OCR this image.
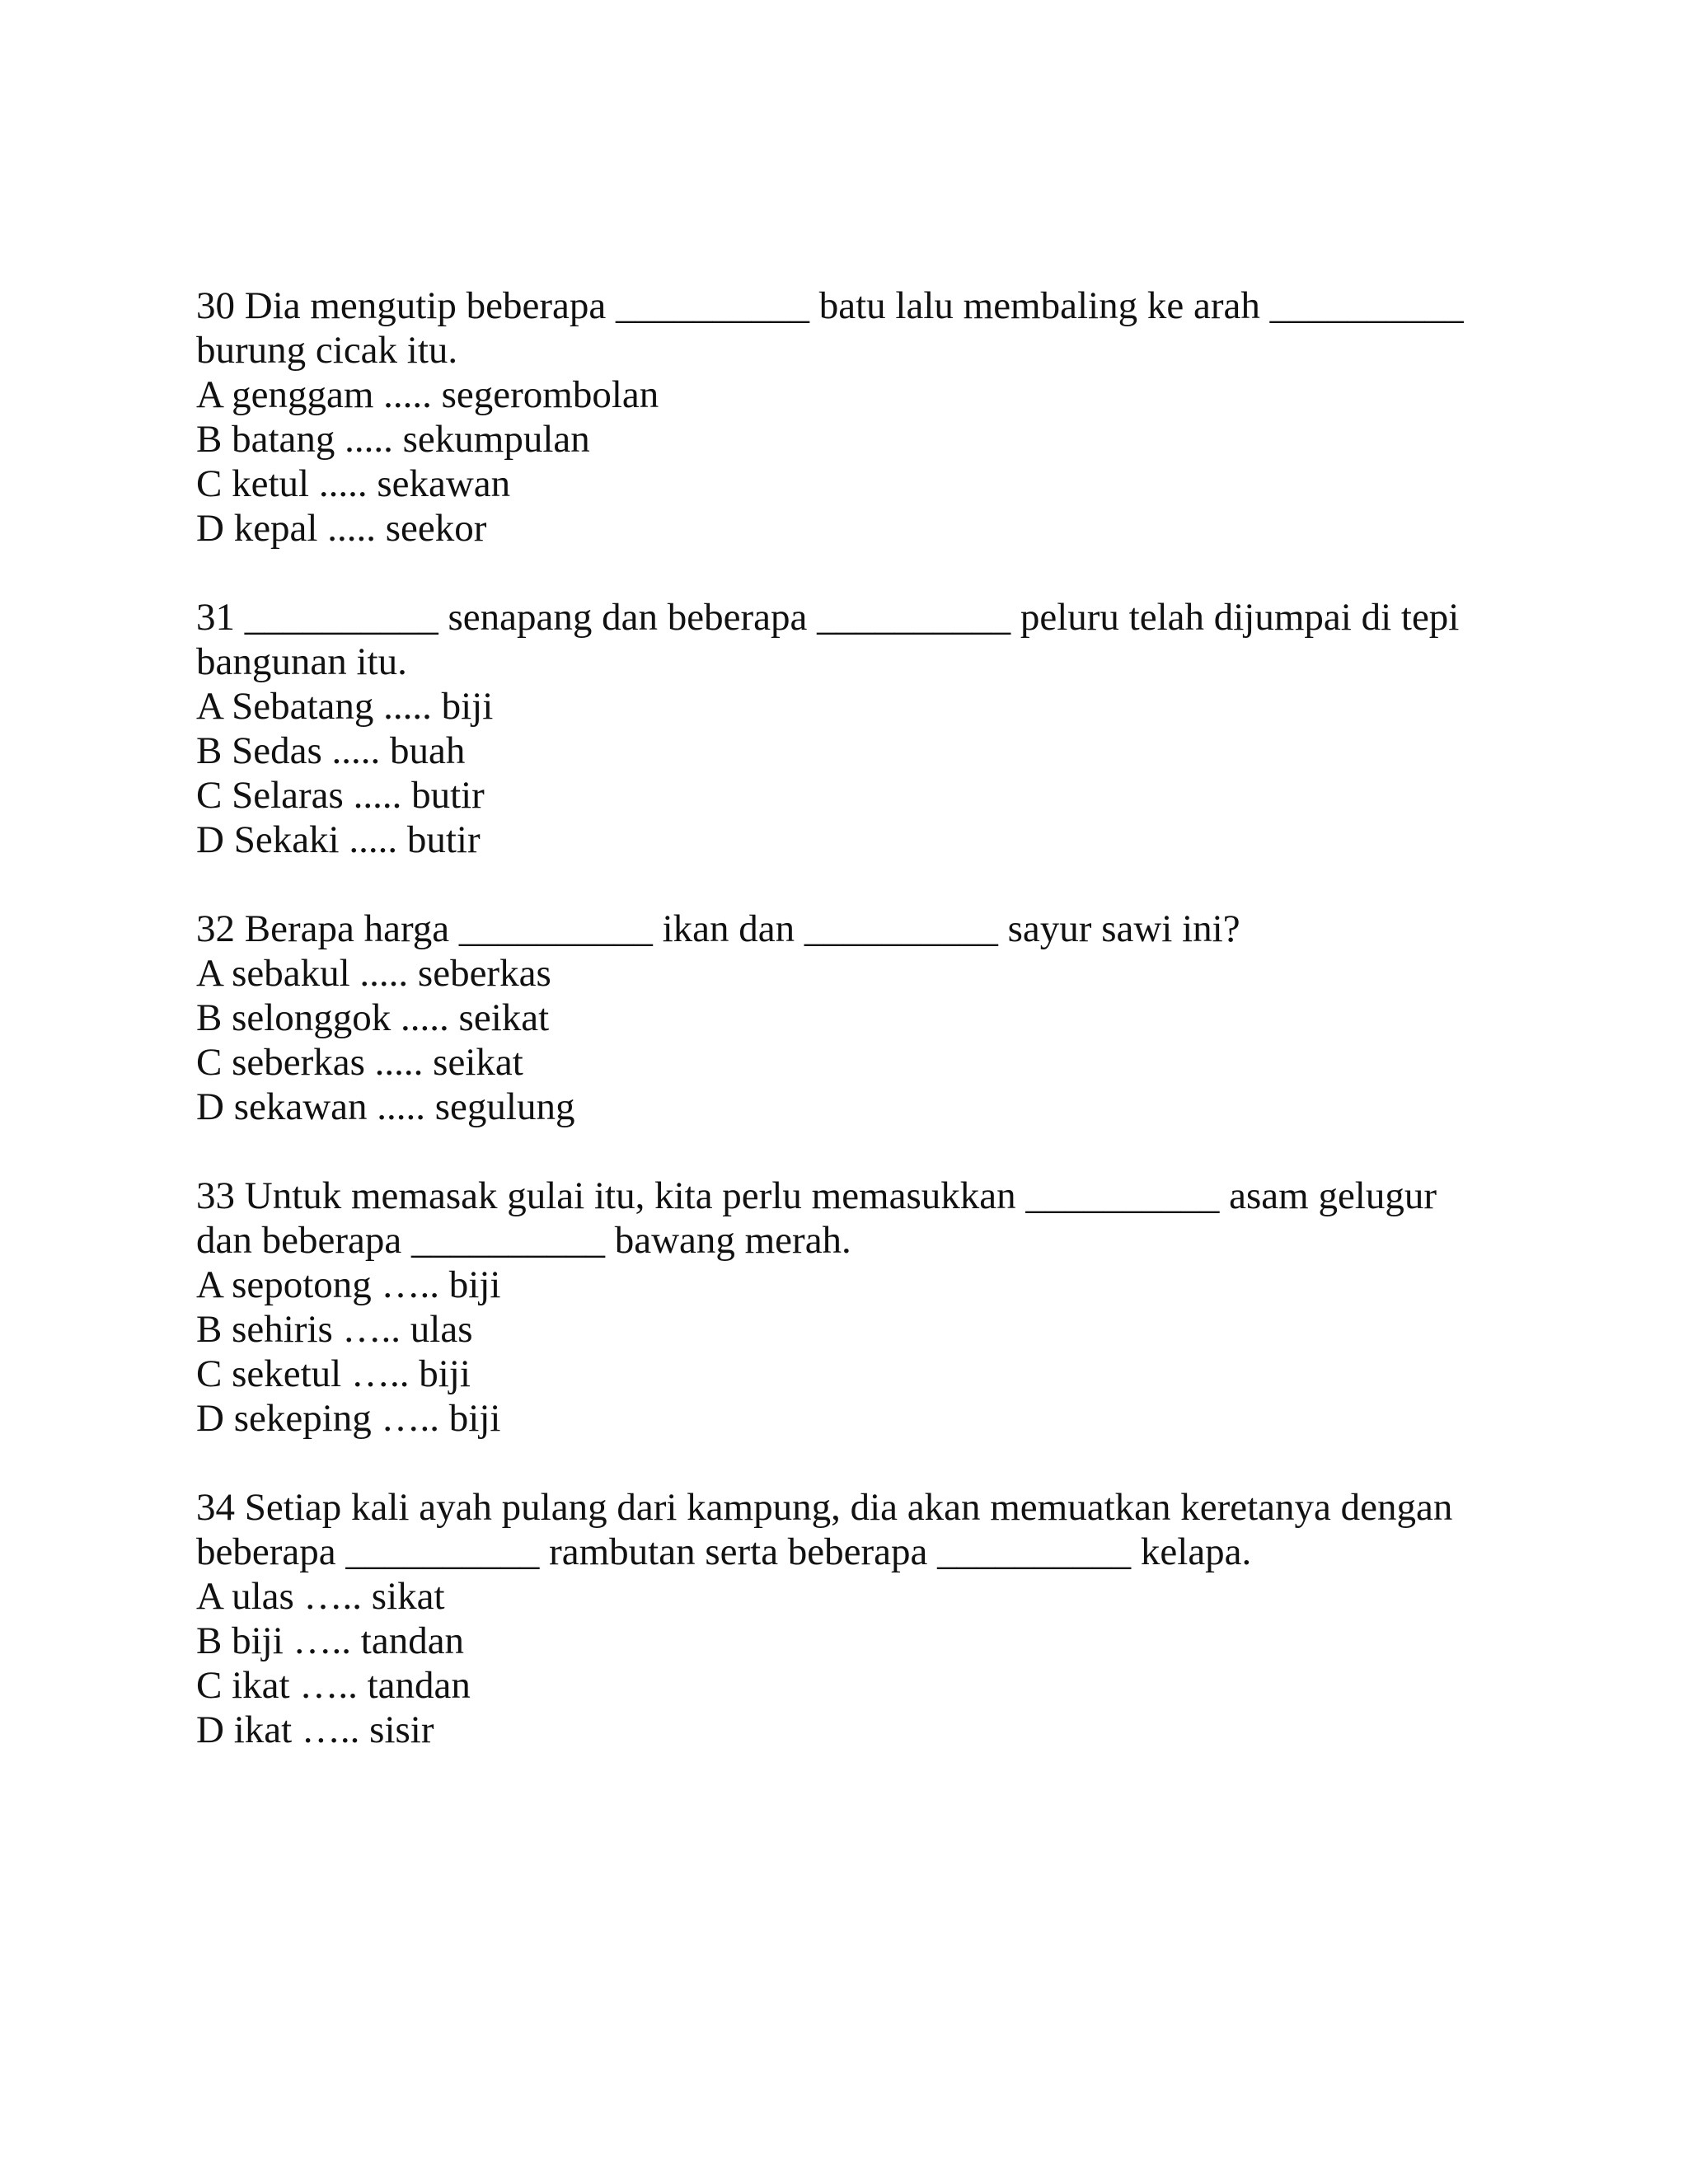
30 Dia mengutip beberapa __________ batu lalu membaling ke arah __________
burung cicak itu.
A genggam ..... segerombolan
B batang ..... sekumpulan
C ketul ..... sekawan
D kepal ..... seekor
31 __________ senapang dan beberapa __________ peluru telah dijumpai di tepi
bangunan itu.
A Sebatang ..... biji
B Sedas ..... buah
C Selaras ..... butir
D Sekaki ..... butir
32 Berapa harga __________ ikan dan __________ sayur sawi ini?
A sebakul ..... seberkas
B selonggok ..... seikat
C seberkas ..... seikat
D sekawan ..... segulung
33 Untuk memasak gulai itu, kita perlu memasukkan __________ asam gelugur
dan beberapa __________ bawang merah.
A sepotong ….. biji
B sehiris ….. ulas
C seketul ….. biji
D sekeping ….. biji
34 Setiap kali ayah pulang dari kampung, dia akan memuatkan keretanya dengan
beberapa __________ rambutan serta beberapa __________ kelapa.
A ulas ….. sikat
B biji ….. tandan
C ikat ….. tandan
D ikat ….. sisir
